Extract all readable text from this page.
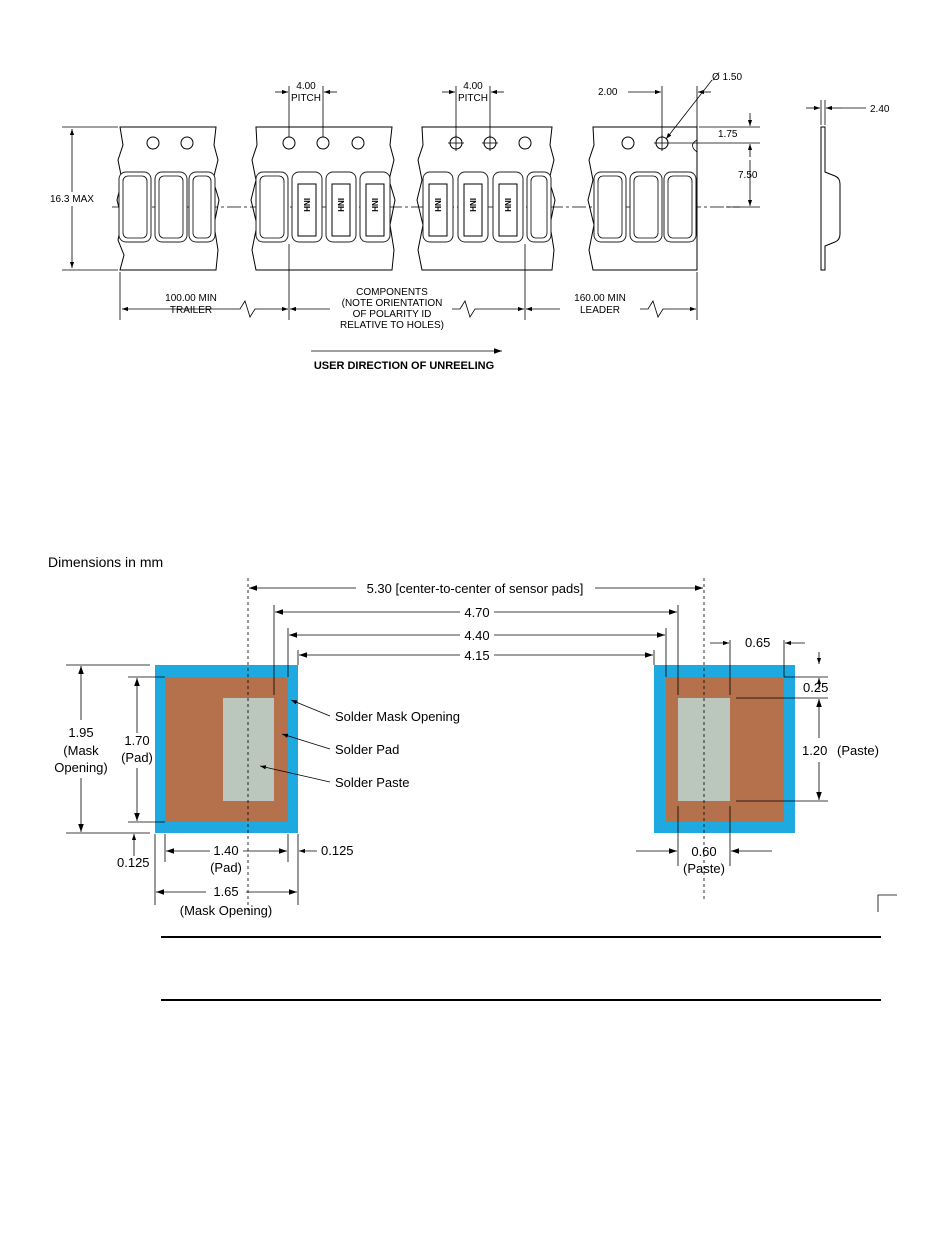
INH	INH	INH	INH	INH	INH
16.3 MAX
4.00
PITCH
4.00
PITCH
2.00
Ø 1.50
1.75
7.50
2.40
100.00 MIN
TRAILER
COMPONENTS
(NOTE ORIENTATION
OF POLARITY ID
RELATIVE TO HOLES)
160.00 MIN
LEADER
USER DIRECTION OF UNREELING
Dimensions in mm
5.30 [center-to-center of sensor pads]
4.70
4.40
4.15
0.65
0.25
1.20 (Paste)
1.95
(Mask
Opening)
1.70
(Pad)
0.125
1.40
(Pad)
0.125
1.65
(Mask Opening)
0.60
(Paste)
Solder Mask Opening
Solder Pad
Solder Paste
